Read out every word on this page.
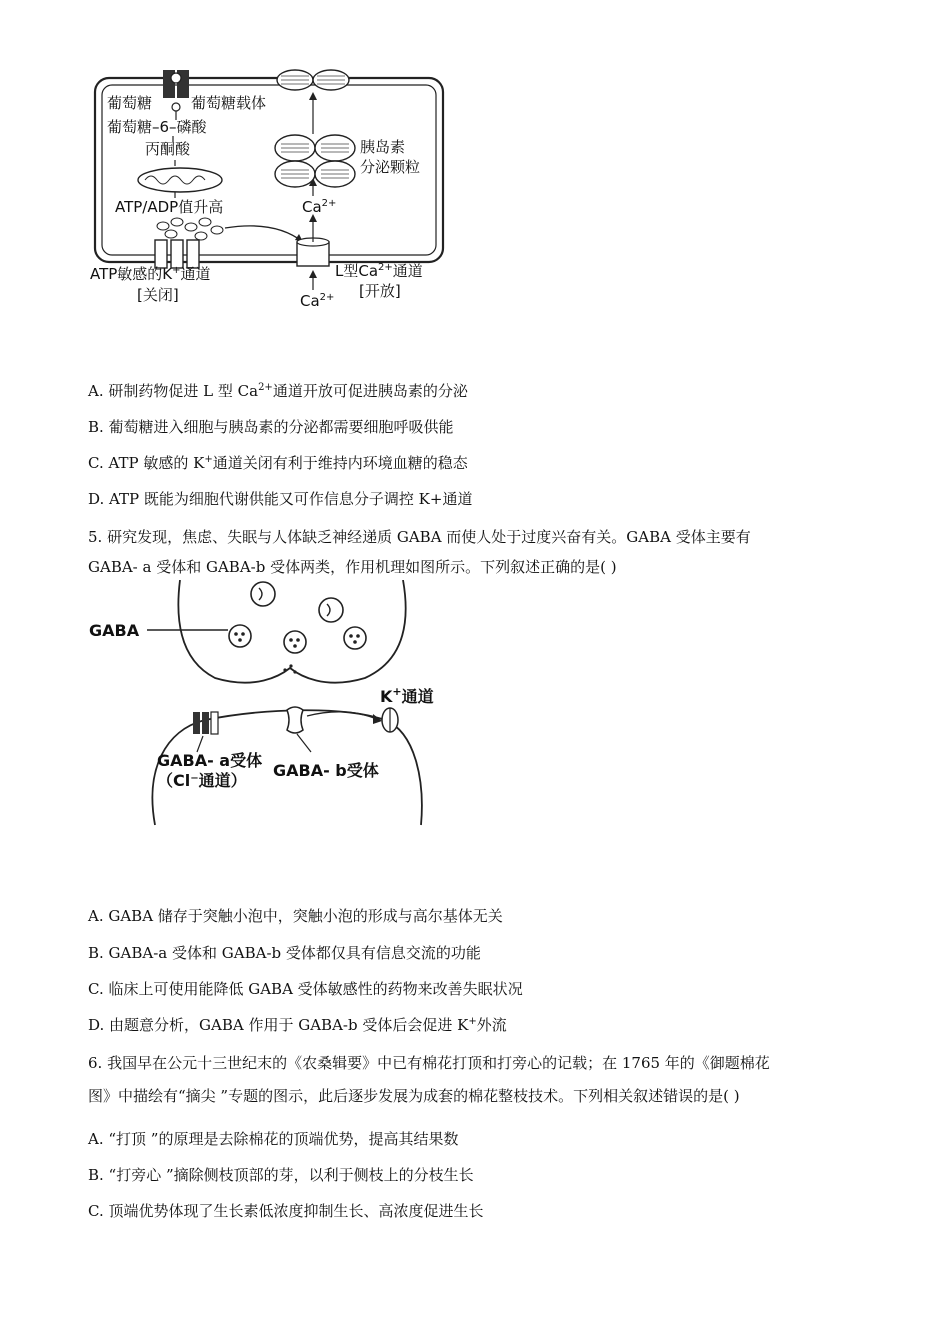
葡萄糖	葡萄糖载体
葡萄糖–6–磷酸
丙酮酸
ATP/ADP值升高	$Ca^{2+}$
胰岛素
分泌颗粒
ATP敏感的K+通道
[关闭]
L型$Ca^{2+}$通道
[开放]
$Ca^{2+}$
A. 研制药物促进 L 型 $Ca^{2+}$通道开放可促进胰岛素的分泌
B. 葡萄糖进入细胞与胰岛素的分泌都需要细胞呼吸供能
C. ATP 敏感的 K+通道关闭有利于维持内环境血糖的稳态
D. ATP 既能为细胞代谢供能又可作信息分子调控 K+通道
5. 研究发现，焦虑、失眠与人体缺乏神经递质 GABA 而使人处于过度兴奋有关。GABA 受体主要有
GABA- a 受体和 GABA-b 受体两类，作用机理如图所示。下列叙述正确的是( )
GABA
K+通道
GABA- a受体
（Cl⁻通道）
GABA- b受体
A. GABA 储存于突触小泡中，突触小泡的形成与高尔基体无关
B. GABA-a 受体和 GABA-b 受体都仅具有信息交流的功能
C. 临床上可使用能降低 GABA 受体敏感性的药物来改善失眠状况
D. 由题意分析，GABA 作用于 GABA-b 受体后会促进 K+外流
6. 我国早在公元十三世纪末的《农桑辑要》中已有棉花打顶和打旁心的记载；在 1765 年的《御题棉花
图》中描绘有“摘尖 ”专题的图示，此后逐步发展为成套的棉花整枝技术。下列相关叙述错误的是( )
A. “打顶 ”的原理是去除棉花的顶端优势，提高其结果数
B. “打旁心 ”摘除侧枝顶部的芽，以利于侧枝上的分枝生长
C. 顶端优势体现了生长素低浓度抑制生长、高浓度促进生长
